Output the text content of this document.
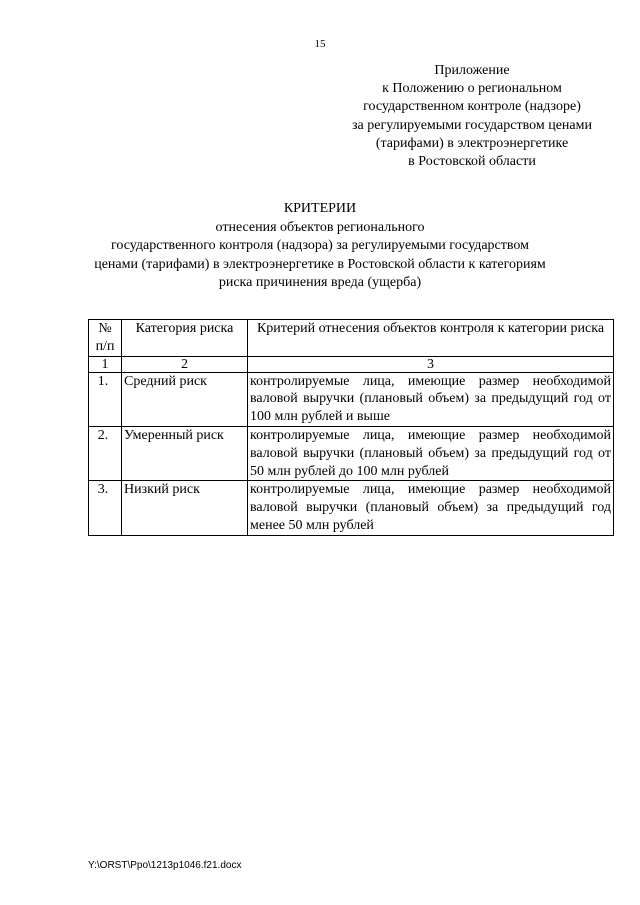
15
Приложение
к Положению о региональном
государственном контроле (надзоре)
за регулируемыми государством ценами
(тарифами) в электроэнергетике
в Ростовской области
КРИТЕРИИ
отнесения объектов регионального
государственного контроля (надзора) за регулируемыми государством
ценами (тарифами) в электроэнергетике в Ростовской области к категориям
риска причинения вреда (ущерба)
№ п/п	Категория риска	Критерий отнесения объектов контроля к категории риска
1	2	3
1.	Средний риск	контролируемые лица, имеющие размер необходимой валовой выручки (плановый объем) за предыдущий год от 100 млн рублей и выше
2.	Умеренный риск	контролируемые лица, имеющие размер необходимой валовой выручки (плановый объем) за предыдущий год от 50 млн рублей до 100 млн рублей
3.	Низкий риск	контролируемые лица, имеющие размер необходимой валовой выручки (плановый объем) за предыдущий год менее 50 млн рублей
Y:\ORST\Ppo\1213p1046.f21.docx
